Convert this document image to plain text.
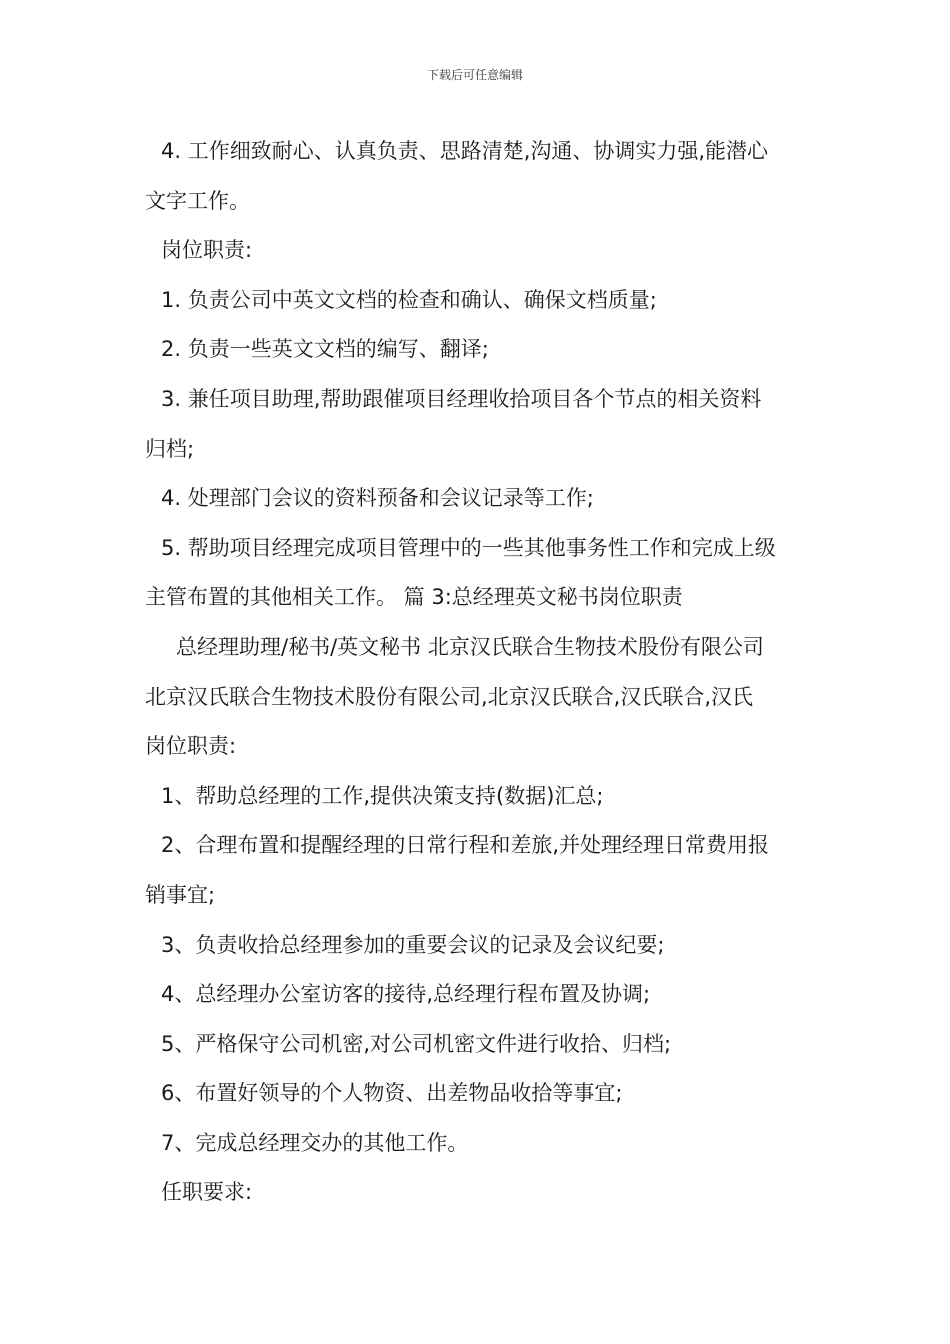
下载后可任意编辑

4. 工作细致耐心、认真负责、思路清楚,沟通、协调实力强,能潜心

文字工作。

岗位职责:

1. 负责公司中英文文档的检查和确认、确保文档质量;

2. 负责一些英文文档的编写、翻译;

3. 兼任项目助理,帮助跟催项目经理收拾项目各个节点的相关资料

归档;

4. 处理部门会议的资料预备和会议记录等工作;

5. 帮助项目经理完成项目管理中的一些其他事务性工作和完成上级

主管布置的其他相关工作。 篇 3:总经理英文秘书岗位职责

总经理助理/秘书/英文秘书 北京汉氏联合生物技术股份有限公司

北京汉氏联合生物技术股份有限公司,北京汉氏联合,汉氏联合,汉氏

岗位职责:

1、帮助总经理的工作,提供决策支持(数据)汇总;

2、合理布置和提醒经理的日常行程和差旅,并处理经理日常费用报

销事宜;

3、负责收拾总经理参加的重要会议的记录及会议纪要;

4、总经理办公室访客的接待,总经理行程布置及协调;

5、严格保守公司机密,对公司机密文件进行收拾、归档;

6、布置好领导的个人物资、出差物品收拾等事宜;

7、完成总经理交办的其他工作。

任职要求:
